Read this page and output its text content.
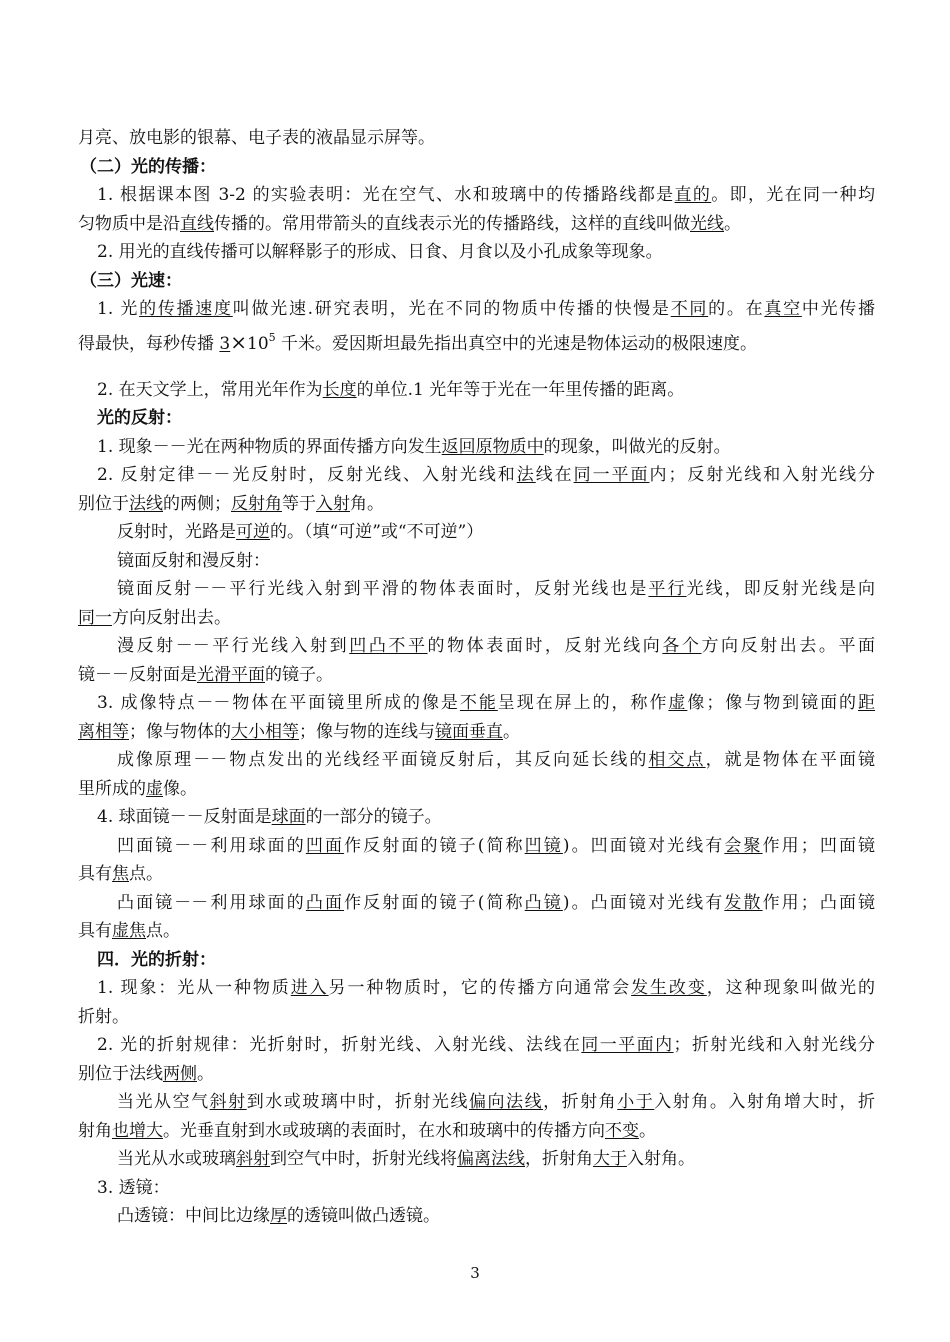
月亮、放电影的银幕、电子表的液晶显示屏等。
（二）光的传播：
1. 根据课本图 3-2 的实验表明：光在空气、水和玻璃中的传播路线都是直的。即，光在同一种均
匀物质中是沿直线传播的。常用带箭头的直线表示光的传播路线，这样的直线叫做光线。
2. 用光的直线传播可以解释影子的形成、日食、月食以及小孔成象等现象。
（三）光速：
1. 光的传播速度叫做光速.研究表明，光在不同的物质中传播的快慢是不同的。在真空中光传播
得最快，每秒传播 $3\times 10^5$ 千米。爱因斯坦最先指出真空中的光速是物体运动的极限速度。
2. 在天文学上，常用光年作为长度的单位.1 光年等于光在一年里传播的距离。
光的反射：
1. 现象－－光在两种物质的界面传播方向发生返回原物质中的现象，叫做光的反射。
2. 反射定律－－光反射时，反射光线、入射光线和法线在同一平面内；反射光线和入射光线分
别位于法线的两侧；反射角等于入射角。
反射时，光路是可逆的。（填“可逆”或“不可逆”）
镜面反射和漫反射：
镜面反射－－平行光线入射到平滑的物体表面时，反射光线也是平行光线，即反射光线是向
同一方向反射出去。
漫反射－－平行光线入射到凹凸不平的物体表面时，反射光线向各个方向反射出去。平面
镜－－反射面是光滑平面的镜子。
3. 成像特点－－物体在平面镜里所成的像是不能呈现在屏上的，称作虚像；像与物到镜面的距
离相等；像与物体的大小相等；像与物的连线与镜面垂直。
成像原理－－物点发出的光线经平面镜反射后，其反向延长线的相交点，就是物体在平面镜
里所成的虚像。
4. 球面镜－－反射面是球面的一部分的镜子。
凹面镜－－利用球面的凹面作反射面的镜子(简称凹镜)。凹面镜对光线有会聚作用；凹面镜
具有焦点。
凸面镜－－利用球面的凸面作反射面的镜子(简称凸镜)。凸面镜对光线有发散作用；凸面镜
具有虚焦点。
四．光的折射：
1. 现象：光从一种物质进入另一种物质时，它的传播方向通常会发生改变，这种现象叫做光的
折射。
2. 光的折射规律：光折射时，折射光线、入射光线、法线在同一平面内；折射光线和入射光线分
别位于法线两侧。
当光从空气斜射到水或玻璃中时，折射光线偏向法线，折射角小于入射角。入射角增大时，折
射角也增大。光垂直射到水或玻璃的表面时，在水和玻璃中的传播方向不变。
当光从水或玻璃斜射到空气中时，折射光线将偏离法线，折射角大于入射角。
3. 透镜：
凸透镜：中间比边缘厚的透镜叫做凸透镜。
3
